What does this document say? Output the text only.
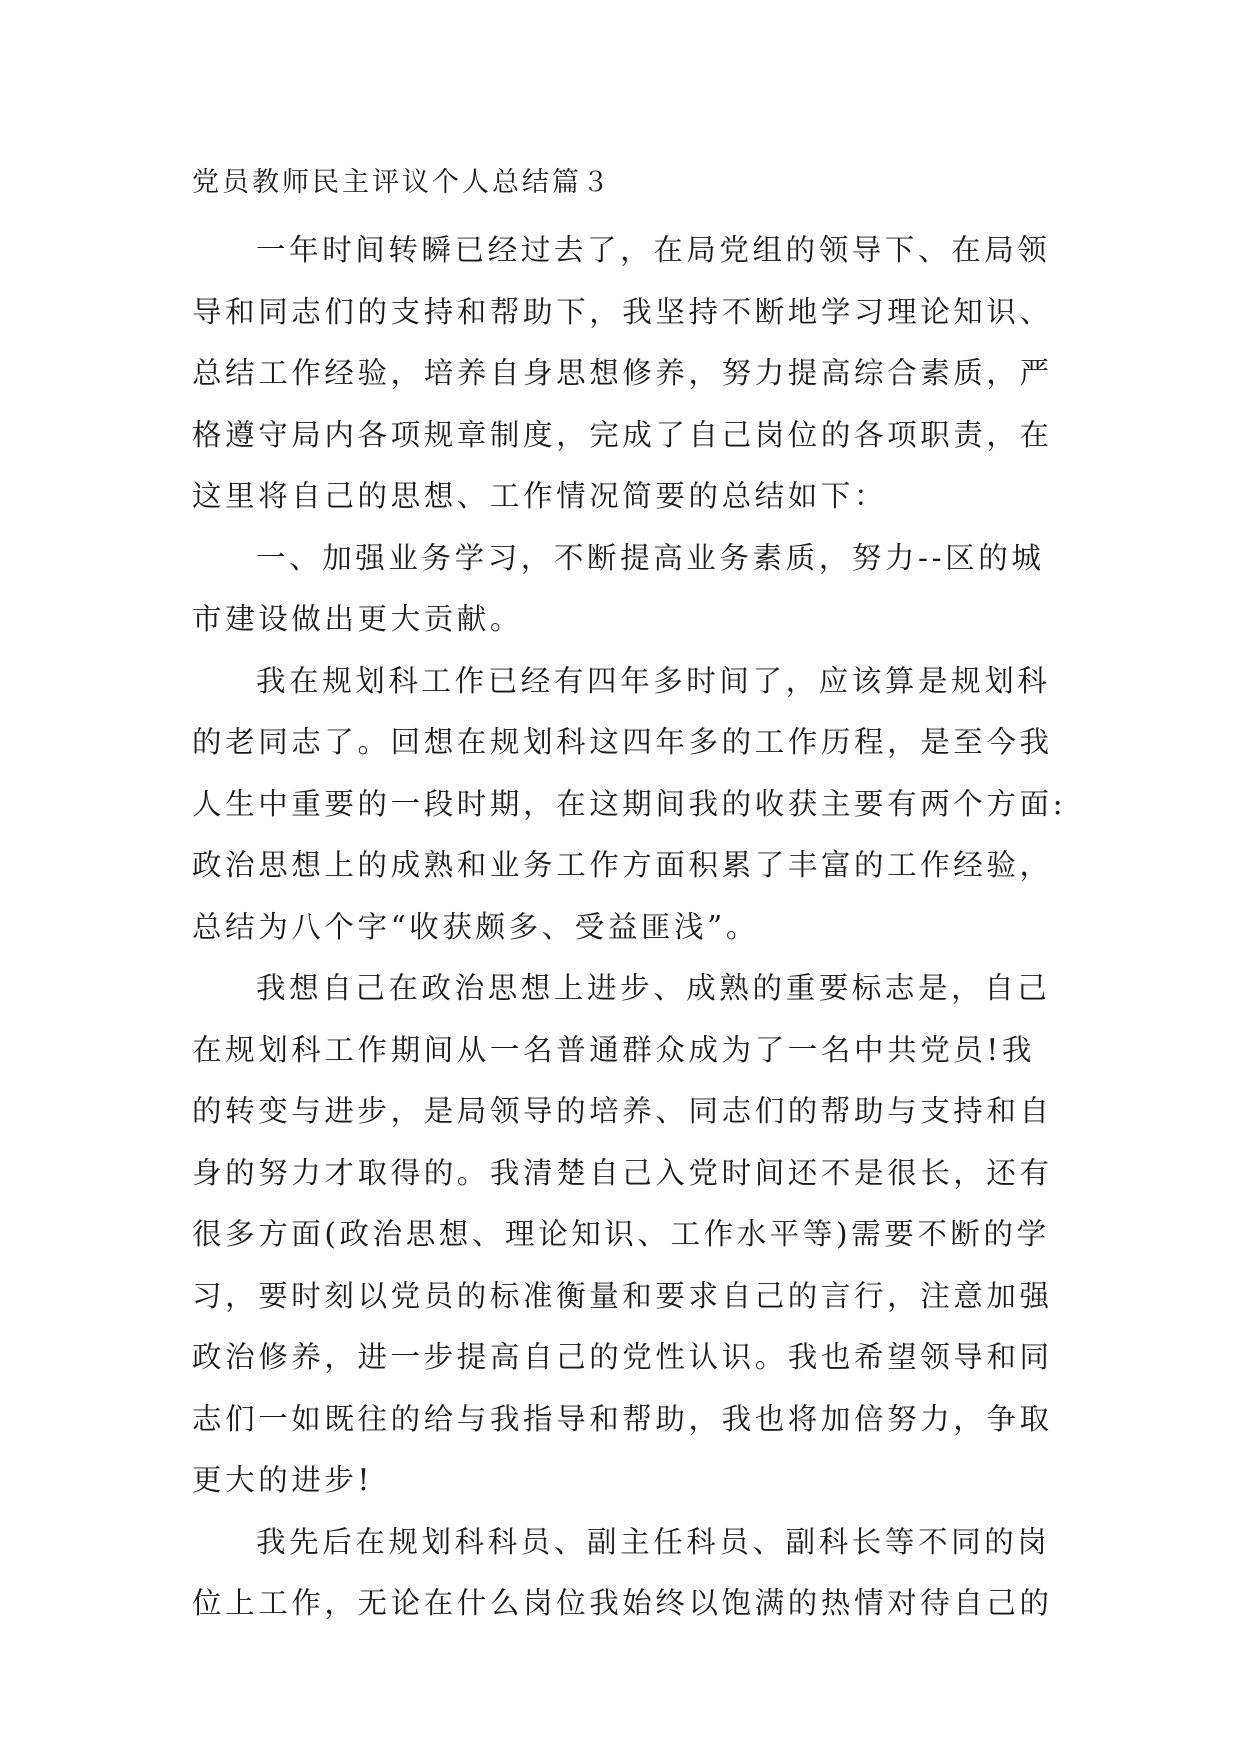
党员教师民主评议个人总结篇３

一年时间转瞬已经过去了，在局党组的领导下、在局领
导和同志们的支持和帮助下，我坚持不断地学习理论知识、
总结工作经验，培养自身思想修养，努力提高综合素质，严
格遵守局内各项规章制度，完成了自己岗位的各项职责，在
这里将自己的思想、工作情况简要的总结如下：

一、加强业务学习，不断提高业务素质，努力--区的城
市建设做出更大贡献。

我在规划科工作已经有四年多时间了，应该算是规划科
的老同志了。回想在规划科这四年多的工作历程，是至今我
人生中重要的一段时期，在这期间我的收获主要有两个方面:
政治思想上的成熟和业务工作方面积累了丰富的工作经验，
总结为八个字“收获颇多、受益匪浅”。

我想自己在政治思想上进步、成熟的重要标志是，自己
在规划科工作期间从一名普通群众成为了一名中共党员!我
的转变与进步，是局领导的培养、同志们的帮助与支持和自
身的努力才取得的。我清楚自己入党时间还不是很长，还有
很多方面(政治思想、理论知识、工作水平等)需要不断的学
习，要时刻以党员的标准衡量和要求自己的言行，注意加强
政治修养，进一步提高自己的党性认识。我也希望领导和同
志们一如既往的给与我指导和帮助，我也将加倍努力，争取
更大的进步!

我先后在规划科科员、副主任科员、副科长等不同的岗
位上工作，无论在什么岗位我始终以饱满的热情对待自己的
